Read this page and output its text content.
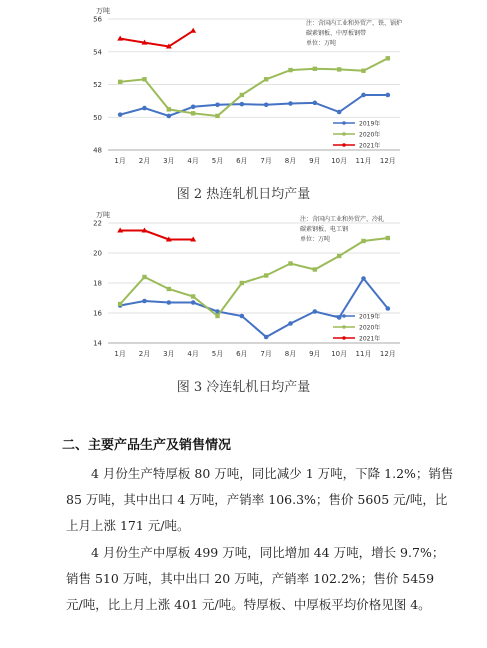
万吨
48
50
52
54
56
1月 2月 3月 4月 5月 6月 7月 8月 9月 10月 11月 12月
2019年
2020年
2021年
注：含国内工业和外贸产、铁、锅炉
碳素钢板、中厚板钢带
单位：万吨
图 2 热连轧机日均产量
万吨
14
16
18
20
22
1月 2月 3月 4月 5月 6月 7月 8月 9月 10月 11月 12月
2019年
2020年
2021年
注：含国内工业和外贸产、冷轧
碳素钢板、电工钢
单位：万吨
图 3 冷连轧机日均产量
二、主要产品生产及销售情况
4 月份生产特厚板 80 万吨，同比减少 1 万吨，下降 1.2%；销售 85 万吨，其中出口 4 万吨，产销率 106.3%；售价 5605 元/吨，比上月上涨 171 元/吨。
4 月份生产中厚板 499 万吨，同比增加 44 万吨，增长 9.7%；销售 510 万吨，其中出口 20 万吨，产销率 102.2%；售价 5459 元/吨，比上月上涨 401 元/吨。特厚板、中厚板平均价格见图 4。
